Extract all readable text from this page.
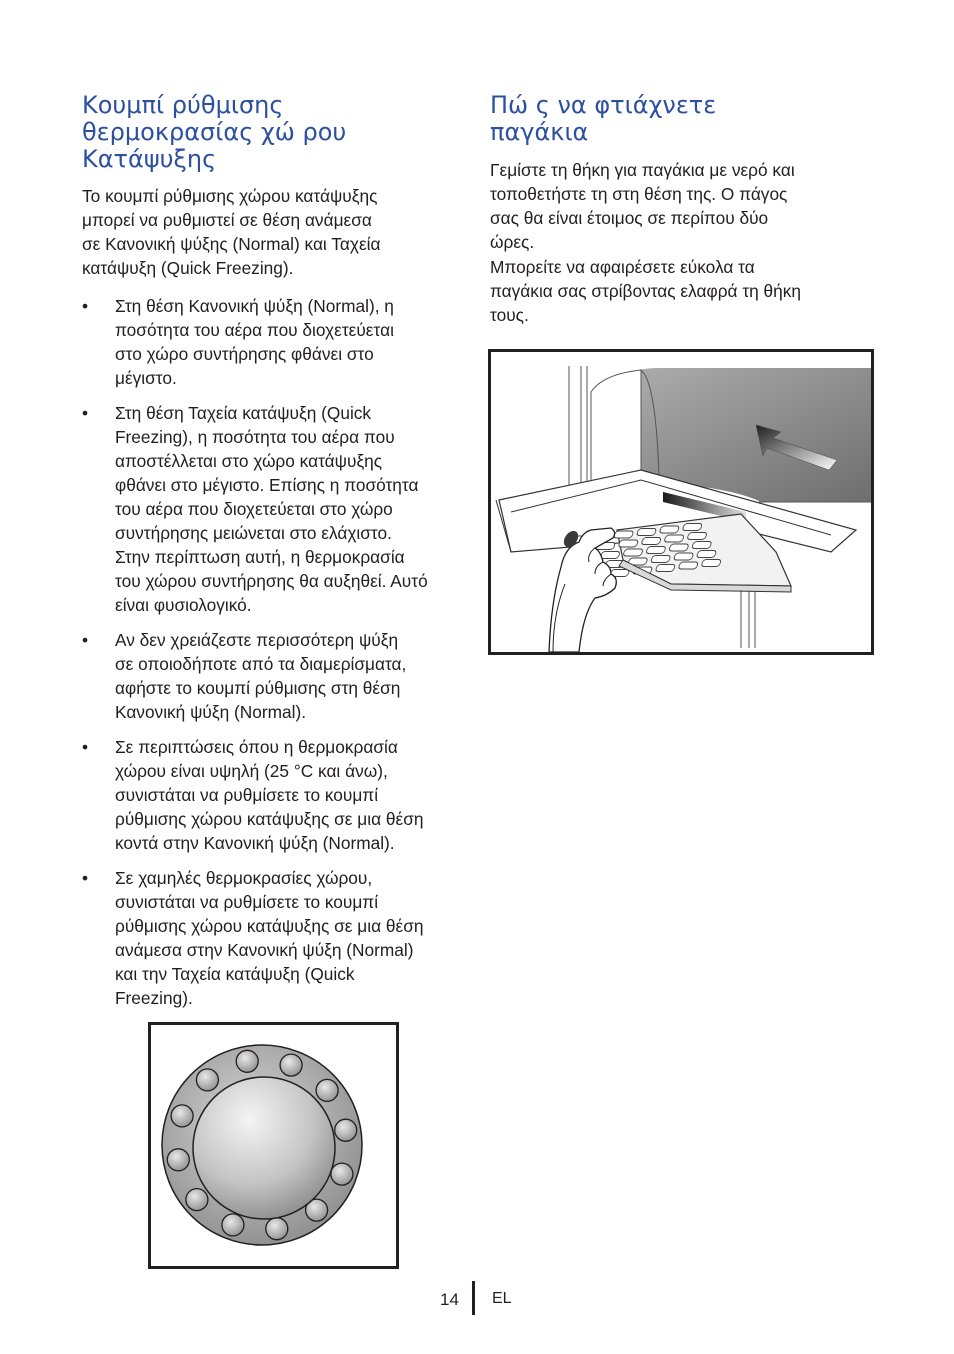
Κουμπί ρύθμισης
θερμοκρασίας χώ ρου
Κατάψυξης

Το κουμπί ρύθμισης χώρου κατάψυξης
μπορεί να ρυθμιστεί σε θέση ανάμεσα
σε Κανονική ψύξης (Normal) και Ταχεία
κατάψυξη (Quick Freezing).

• Στη θέση Κανονική ψύξη (Normal), η
ποσότητα του αέρα που διοχετεύεται
στο χώρο συντήρησης φθάνει στο
μέγιστο.
• Στη θέση Ταχεία κατάψυξη (Quick
Freezing), η ποσότητα του αέρα που
αποστέλλεται στο χώρο κατάψυξης
φθάνει στο μέγιστο. Επίσης η ποσότητα
του αέρα που διοχετεύεται στο χώρο
συντήρησης μειώνεται στο ελάχιστο.
Στην περίπτωση αυτή, η θερμοκρασία
του χώρου συντήρησης θα αυξηθεί. Αυτό
είναι φυσιολογικό.
• Αν δεν χρειάζεστε περισσότερη ψύξη
σε οποιοδήποτε από τα διαμερίσματα,
αφήστε το κουμπί ρύθμισης στη θέση
Κανονική ψύξη (Normal).
• Σε περιπτώσεις όπου η θερμοκρασία
χώρου είναι υψηλή (25 °C και άνω),
συνιστάται να ρυθμίσετε το κουμπί
ρύθμισης χώρου κατάψυξης σε μια θέση
κοντά στην Κανονική ψύξη (Normal).
• Σε χαμηλές θερμοκρασίες χώρου,
συνιστάται να ρυθμίσετε το κουμπί
ρύθμισης χώρου κατάψυξης σε μια θέση
ανάμεσα στην Κανονική ψύξη (Normal)
και την Ταχεία κατάψυξη (Quick
Freezing).
Πώ ς να φτιάχνετε
παγάκια

Γεμίστε τη θήκη για παγάκια με νερό και
τοποθετήστε τη στη θέση της. Ο πάγος
σας θα είναι έτοιμος σε περίπου δύο
ώρες.

Μπορείτε να αφαιρέσετε εύκολα τα
παγάκια σας στρίβοντας ελαφρά τη θήκη
τους.

14 EL
